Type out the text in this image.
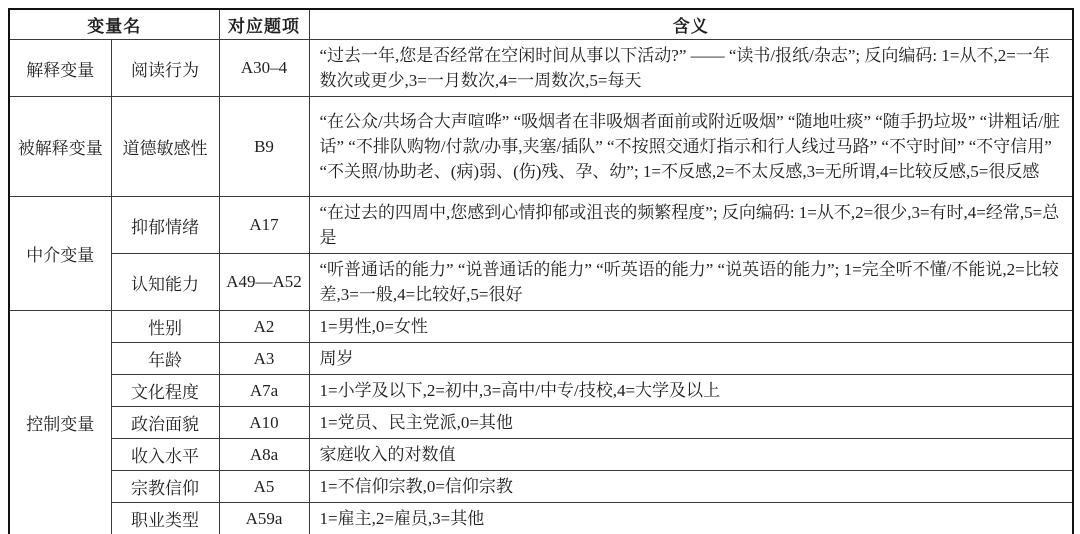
变量名		对应题项	含义
解释变量	阅读行为	A30–4	“过去一年,您是否经常在空闲时间从事以下活动?” —— “读书/报纸/杂志”; 反向编码: 1=从不,2=一年数次或更少,3=一月数次,4=一周数次,5=每天
被解释变量	道德敏感性	B9	“在公众/共场合大声喧哗” “吸烟者在非吸烟者面前或附近吸烟” “随地吐痰” “随手扔垃圾” “讲粗话/脏话” “不排队购物/付款/办事,夹塞/插队” “不按照交通灯指示和行人线过马路” “不守时间” “不守信用” “不关照/协助老、(病)弱、(伤)残、孕、幼”; 1=不反感,2=不太反感,3=无所谓,4=比较反感,5=很反感
中介变量	抑郁情绪	A17	“在过去的四周中,您感到心情抑郁或沮丧的频繁程度”; 反向编码: 1=从不,2=很少,3=有时,4=经常,5=总是
	认知能力	A49—A52	“听普通话的能力” “说普通话的能力” “听英语的能力” “说英语的能力”; 1=完全听不懂/不能说,2=比较差,3=一般,4=比较好,5=很好
控制变量	性别	A2	1=男性,0=女性
	年龄	A3	周岁
	文化程度	A7a	1=小学及以下,2=初中,3=高中/中专/技校,4=大学及以上
	政治面貌	A10	1=党员、民主党派,0=其他
	收入水平	A8a	家庭收入的对数值
	宗教信仰	A5	1=不信仰宗教,0=信仰宗教
	职业类型	A59a	1=雇主,2=雇员,3=其他
